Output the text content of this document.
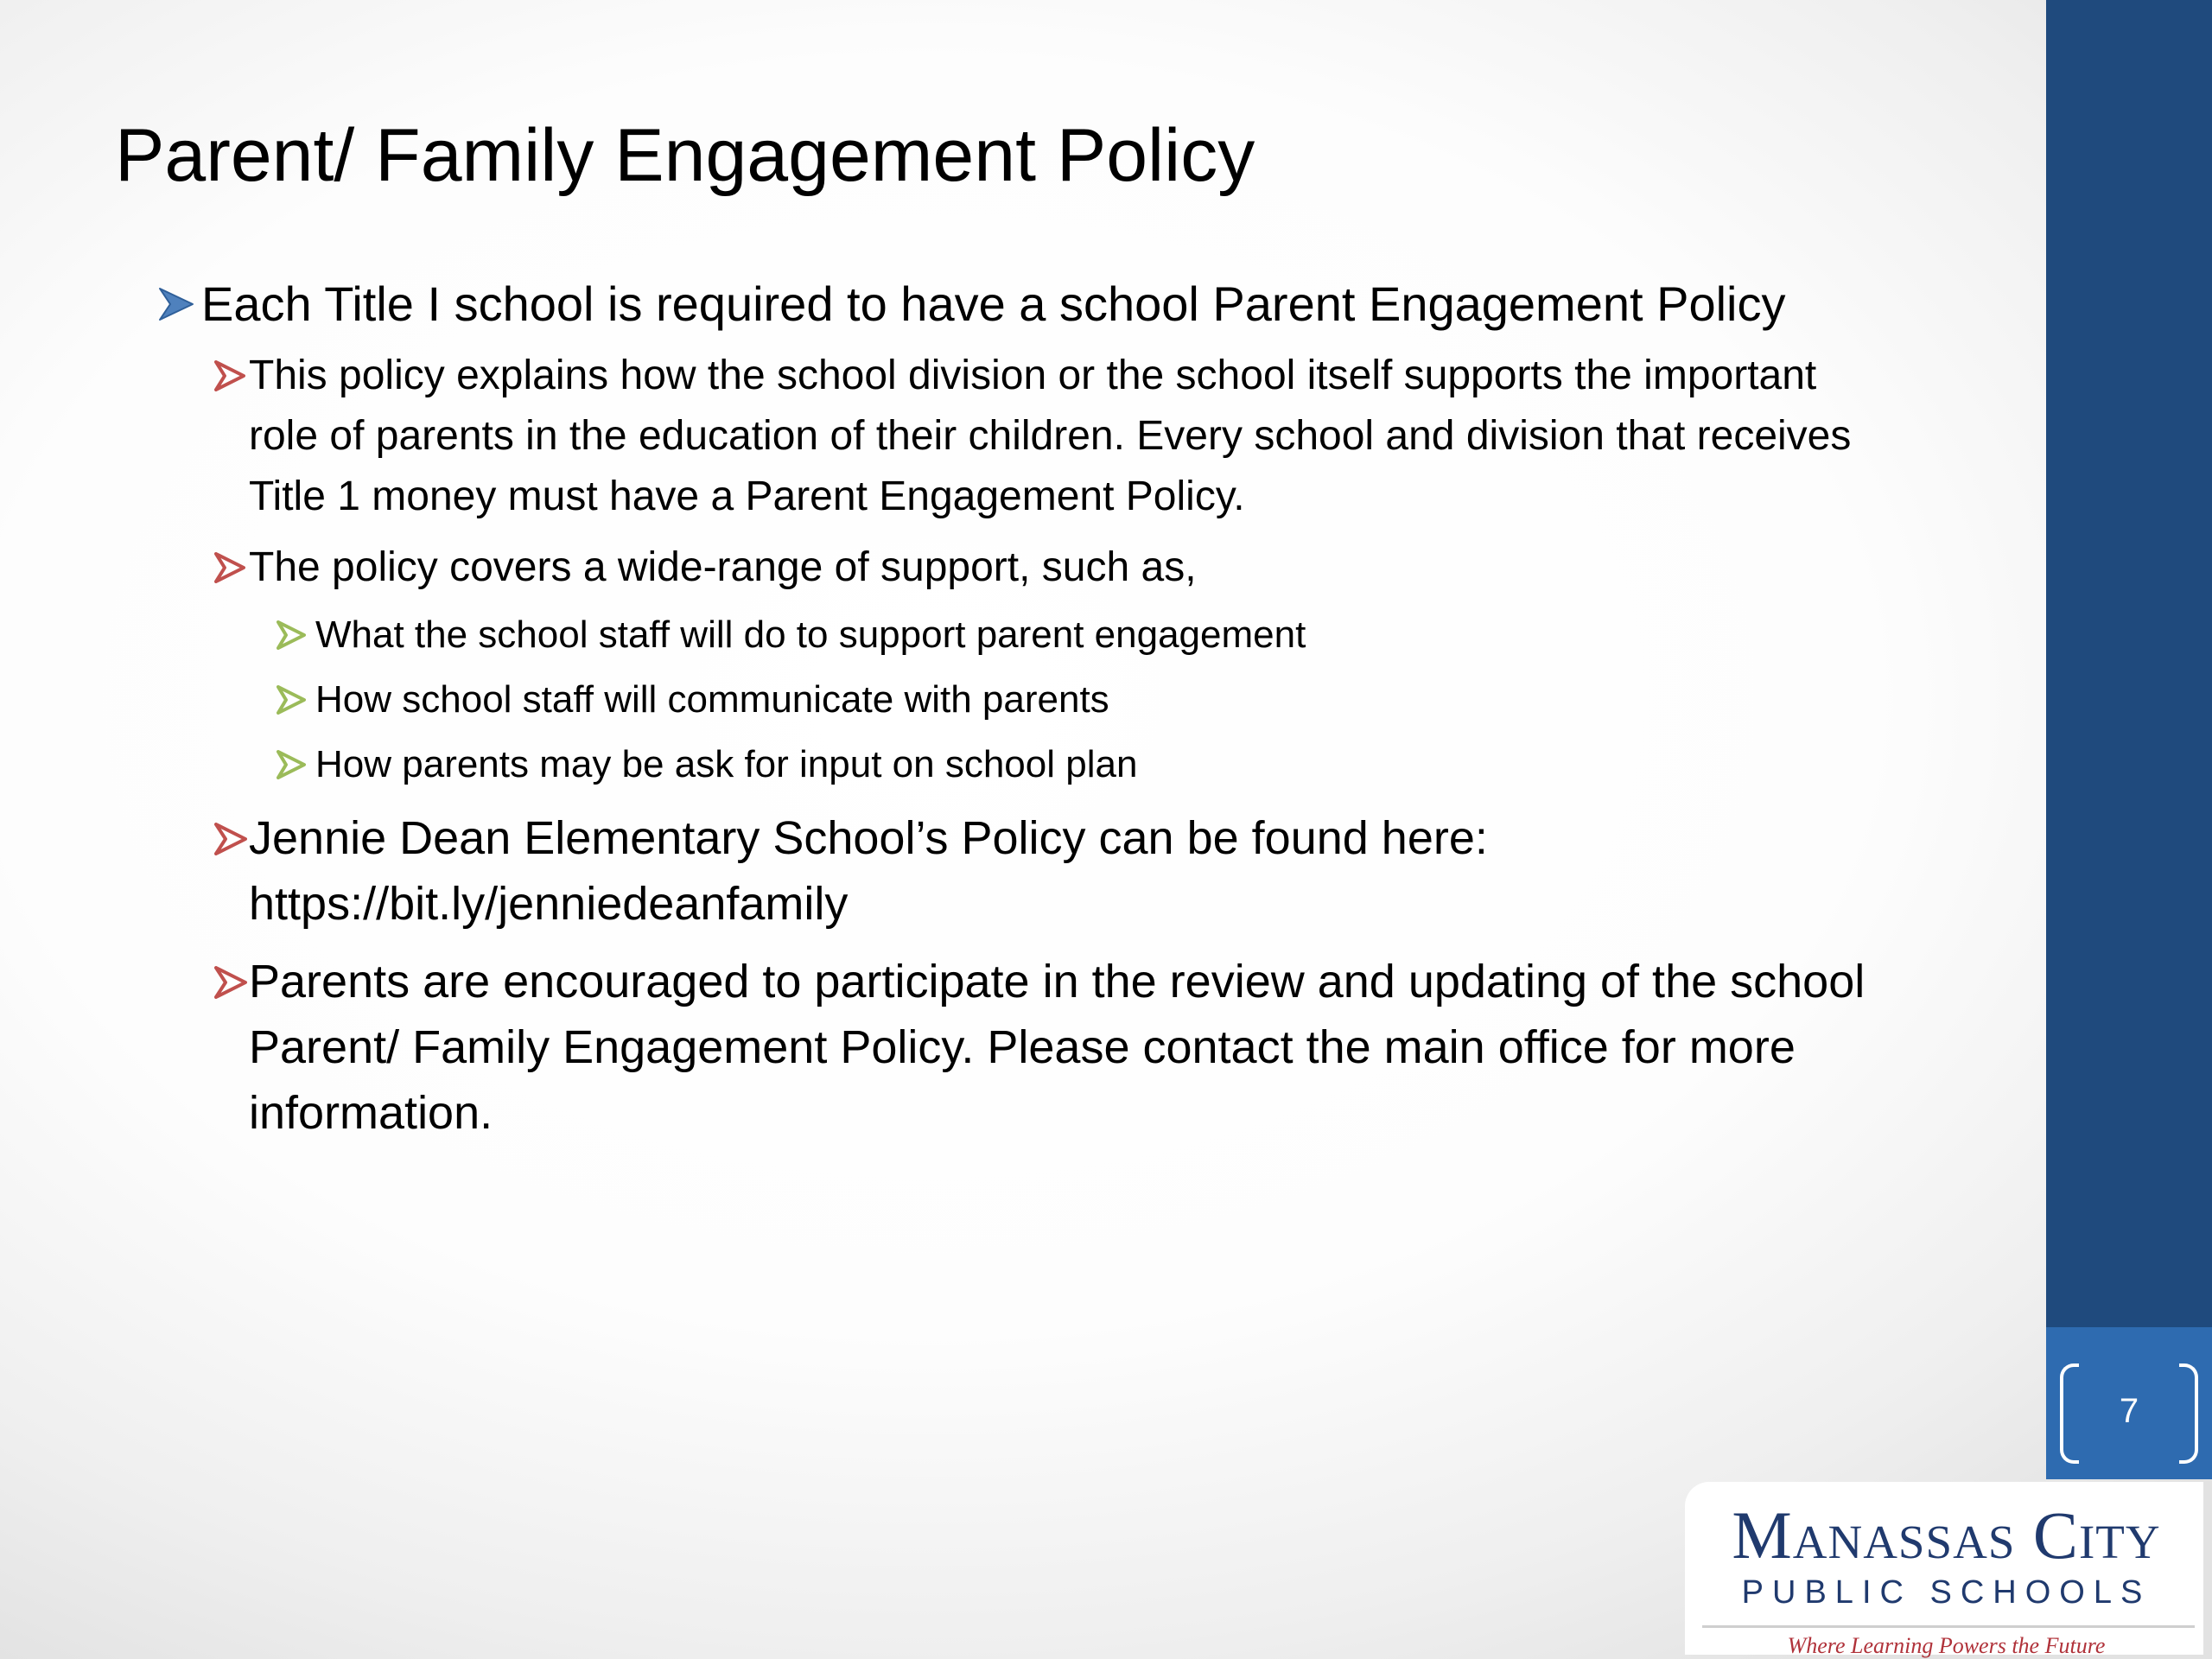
7
Parent/ Family Engagement Policy
Each Title I school is required to have a school Parent Engagement Policy
This policy explains how the school division or the school itself supports the important role of parents in the education of their children. Every school and division that receives Title 1 money must have a Parent Engagement Policy.
The policy covers a wide-range of support, such as,
What the school staff will do to support parent engagement
How school staff will communicate with parents
How parents may be ask for input on school plan
Jennie Dean Elementary School’s Policy can be found here: https://bit.ly/jenniedeanfamily
Parents are encouraged to participate in the review and updating of the school Parent/ Family Engagement Policy. Please contact the main office for more information.
Manassas City
PUBLIC SCHOOLS
Where Learning Powers the Future
